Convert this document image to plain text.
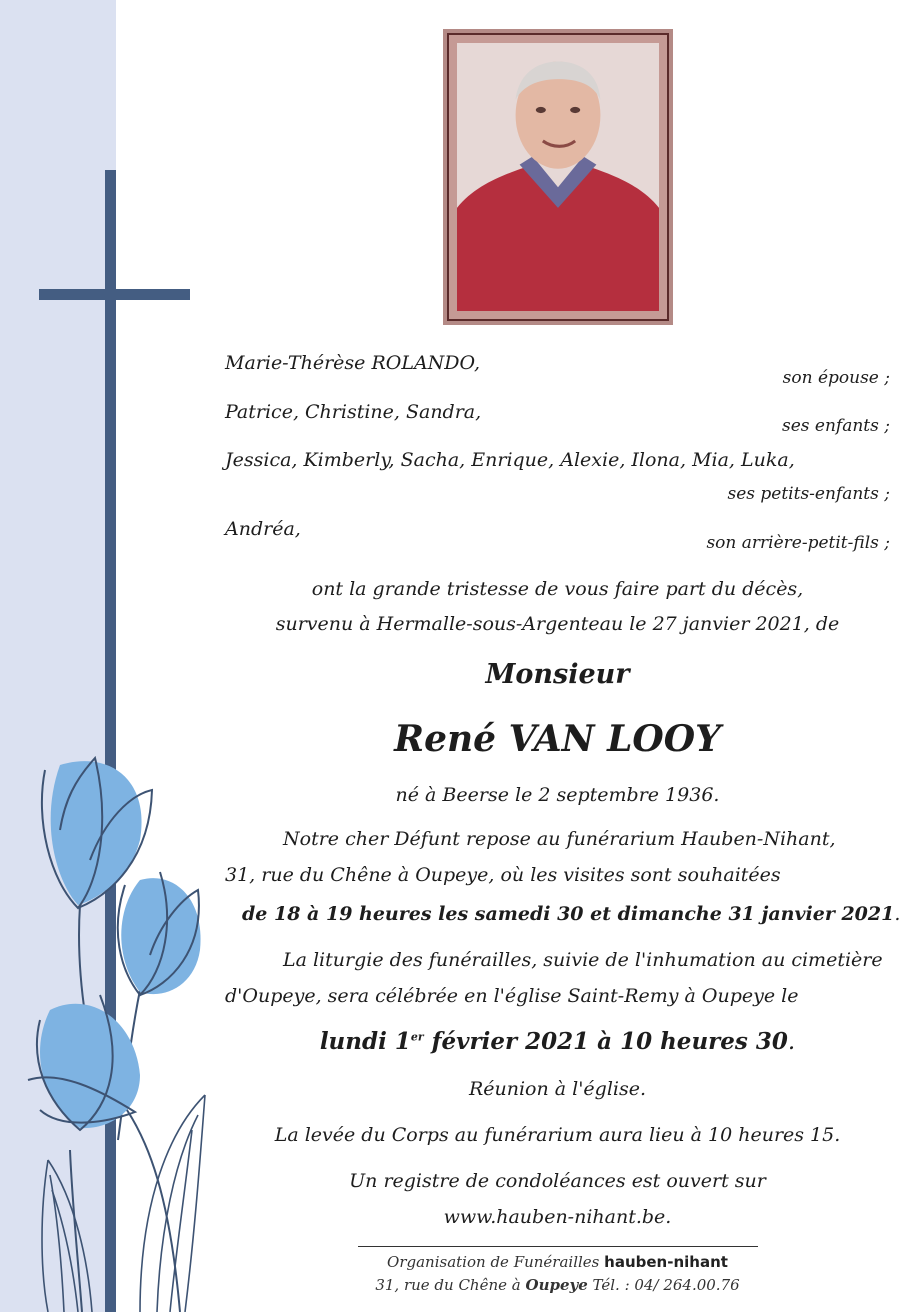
Marie-Thérèse ROLANDO,
son épouse ;
Patrice, Christine, Sandra,
ses enfants ;
Jessica, Kimberly, Sacha, Enrique, Alexie, Ilona, Mia, Luka,
ses petits-enfants ;
Andréa,
son arrière-petit-fils ;
ont la grande tristesse de vous faire part du décès,
survenu à Hermalle-sous-Argenteau le 27 janvier 2021, de
Monsieur
René VAN LOOY
né à Beerse le 2 septembre 1936.
Notre cher Défunt repose au funérarium Hauben-Nihant,
31, rue du Chêne à Oupeye, où les visites sont souhaitées
de 18 à 19 heures les samedi 30 et dimanche 31 janvier 2021.
La liturgie des funérailles, suivie de l'inhumation au cimetière
d'Oupeye, sera célébrée en l'église Saint-Remy à Oupeye le
lundi 1er février 2021 à 10 heures 30.
Réunion à l'église.
La levée du Corps au funérarium aura lieu à 10 heures 15.
Un registre de condoléances est ouvert sur
www.hauben-nihant.be.
Organisation de Funérailles hauben-nihant
31, rue du Chêne à Oupeye Tél. : 04/ 264.00.76
